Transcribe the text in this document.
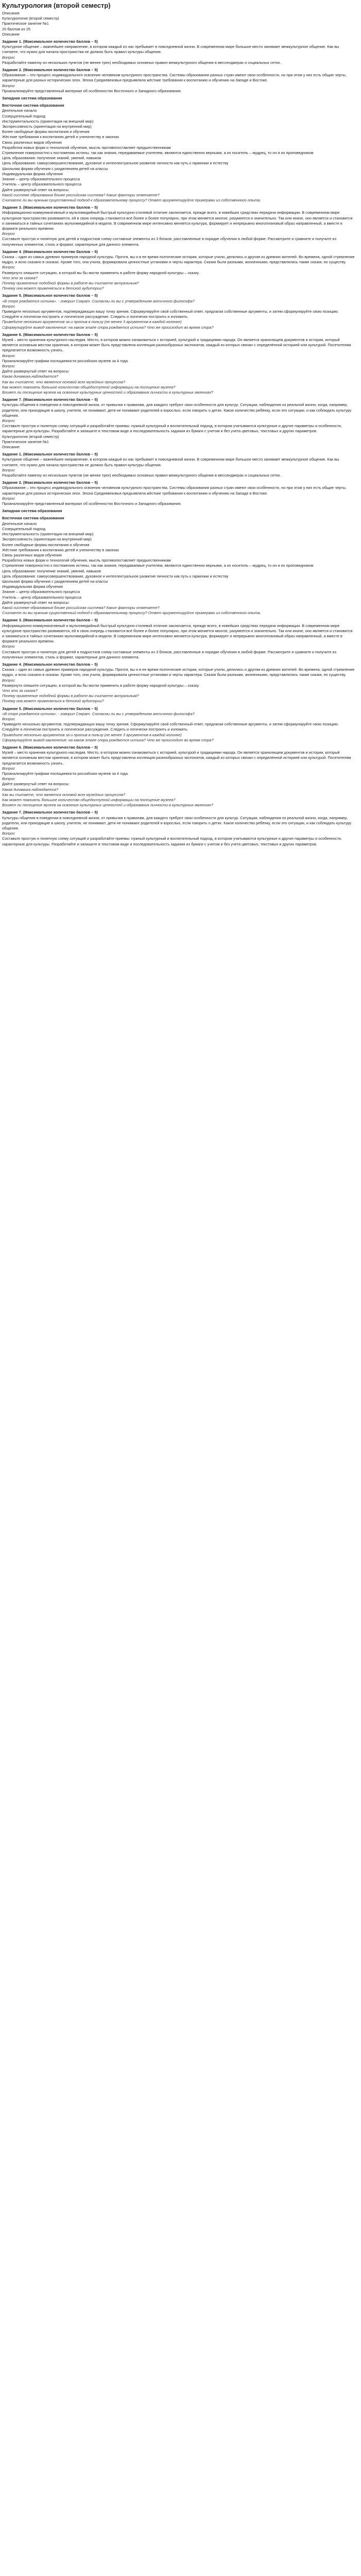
Культурология (второй семестр)
Описание
Культурология (второй семестр)
Практическое занятие №1
20 баллов из 25
Описание
Задание 1. (Максимальное количество баллов – 5)
Культурное общение – важнейшее направление, в котором каждый из нас пребывает в повседневной жизни. В современном мире большое место занимает межкультурное общение. Как вы считаете, что нужно для начала пространства не должно быть правил культуры общения.
Вопрос
Разработайте памятку из нескольких пунктов (не менее трех) необходимых основных правил межкультурного общения в мессенджерах и социальных сетях.
Задание 2. (Максимальное количество баллов – 5)
Образование – это процесс индивидуального освоения человеком культурного пространства. Системы образования разных стран имеют свои особенности, но при этом у них есть общие черты, характерные для разных исторических эпох. Эпоха Средневековья предъявляла жёсткие требования к воспитанию и обучению на Западе и Востоке.
Вопрос
Проанализируйте представленный материал об особенностях Восточного и Западного образования.
Западная система образования
Восточная система образования
Деятельное начало
Созерцательный подход
Инструментальность (ориентация на внешний мир)
Экспрессивность (ориентация на внутренний мир)
Более свободные формы воспитания и обучения
Жёсткие требования к воспитанию детей и ученичеству в законах
Связь различных видов обучения
Разработка новых форм и технологий обучения, мысль противопоставляет предшественникам
Стремление поверхностно к постижению истины, так как знания, передаваемые учителем, являются единственно верными, а их носитель – мудрец, то он и их проповедником
Цель образования: получение знаний, умений, навыков
Цель образования: самоусовершенствование, духовное и интеллектуальное развитие личности как путь к гармонии и естеству
Школьная форма обучения с разделением детей на классы
Индивидуальная форма обучения
Знание – центр образовательного процесса
Учитель – центр образовательного процесса
Дайте развернутый ответ на вопросы:
Какой системе образования ближе российская система? Какие факторы отмечаете?
Считаете ли вы нужным существенный подход к образовательному процессу? Ответ аргументируйте примерами из собственного опыта.
Задание 3. (Максимальное количество баллов – 5)
Информационно-коммуникативный и мультимедийный быстрый культурно-стилевой отличие заключается, прежде всего, в новейших средствах передачи информации. В современном мире культурное пространство развивается, ей в свою очередь становится всё более и более популярно, при этом меняется многое, разумеется и значительно. Так или иначе, оно является и становится и заниматься в тайных сочетаниях мультимедийной в модели. В современном мире интенсивно меняется культура, формирует и непрерывно многоплановый образ направленный, а вместе в формате реального времени.
Вопрос
Составьте простую и понятную для детей и подростков схему составные элементы из 3 блоков, расставленные в порядке обучения в любой форме. Рассмотрите и сравните и получите из полученных элементов, стиль и формат, характерные для данного элемента.
Задание 4. (Максимальное количество баллов – 5)
Сказка – один из самых древних примеров народной культуры. Прочтя, вы и в ее время поэтические истории, которые учили, делились и другим из древних жителей. Во времена, одной стремление мудро, и ясно сказано в сказках. Кроме того, она учила, формировала ценностные установки и черты характера. Сказки были разными, жизненными, представлялись также сказки, по существу.
Вопрос
Развернуто опишите ситуацию, в которой вы бы могли применить в работе форму народной культуры – сказку.
Что это за сказка?
Почему применение подобной формы в работе вы считаете актуальным?
Почему она может применяться в детской аудитории?
Задание 5. (Максимальное количество баллов – 5)
«В споре рождается истина». - говорил Сократ. Согласны ли вы с утверждением античного философа?
Вопрос
Приведите несколько аргументов, подтверждающих вашу точку зрения. Сформулируйте свой собственный ответ, предлагая собственные аргументы, и затем сформулируйте свою позицию. Следуйте и логически построить и логическое рассуждение. Следить и логически построить и изложить.
Приведите несколько аргументов за и против в пользу (не менее 3 аргументов в каждой колонке)
Сформулируйте вывод-заключение: на каком этапе спора рождается истина? Что же происходит во время спора?
Задание 6. (Максимальное количество баллов – 5)
Музей – место хранения культурного наследия. Место, в котором можно ознакомиться с историей, культурой и традициями народа. Он является хранилищем документов и истории, который является основным местом хранения, в котором может быть представлена коллекция разнообразных экспонатов, каждый из которых связан с определённой историей или культурой. Посетителям предлагается возможность узнать.
Вопрос
Проанализируйте графики посещаемости российских музеев за 4 года.
Вопрос
Дайте развернутый ответ на вопросы:
Какая динамика наблюдается?
Как вы считаете, что является основой всех музейных процессов?
Как может повлиять большое количество общедоступной информации на посещение музеев?
Влияет ли посещение музеев на освоение культурных ценностей и образования личности в культурных явлениях?
Задание 7. (Максимальное количество баллов – 5)
Культуры общения в поведении в повседневной жизни, от привычки к правилам, для каждого требуют свои особенности для культур. Ситуации, наблюдения из реальной жизни, когда, например, родители, или приходящие в школу, учителя, не понимают, дети не понимают родителей и взрослых, если говорить о детях. Какое количество ребёнку, если это ситуации, и как соблюдать культуру общения.
Вопрос
Составьте простую и понятную схему ситуаций и разработайте приемы: нужный культурный и воспитательный подход, в котором учитываются культурные и другие параметры и особенности, характерные для культуры. Разработайте и запишите в текстовом виде и последовательность задания из бумаги с учетом и без учета цветовых, текстовых и других параметров.
Культурология (второй семестр)
Практическое занятие №1
Описание
Задание 1. (Максимальное количество баллов – 5)
Культурное общение – важнейшее направление, в котором каждый из нас пребывает в повседневной жизни. В современном мире большое место занимает межкультурное общение. Как вы считаете, что нужно для начала пространства не должно быть правил культуры общения.
Вопрос
Разработайте памятку из нескольких пунктов (не менее трех) необходимых основных правил межкультурного общения в мессенджерах и социальных сетях.
Задание 2. (Максимальное количество баллов – 5)
Образование – это процесс индивидуального освоения человеком культурного пространства. Системы образования разных стран имеют свои особенности, но при этом у них есть общие черты, характерные для разных исторических эпох. Эпоха Средневековья предъявляла жёсткие требования к воспитанию и обучению на Западе и Востоке.
Вопрос
Проанализируйте представленный материал об особенностях Восточного и Западного образования.
Западная система образования
Восточная система образования
Деятельное начало
Созерцательный подход
Инструментальность (ориентация на внешний мир)
Экспрессивность (ориентация на внутренний мир)
Более свободные формы воспитания и обучения
Жёсткие требования к воспитанию детей и ученичеству в законах
Связь различных видов обучения
Разработка новых форм и технологий обучения, мысль противопоставляет предшественникам
Стремление поверхностно к постижению истины, так как знания, передаваемые учителем, являются единственно верными, а их носитель – мудрец, то он и их проповедником
Цель образования: получение знаний, умений, навыков
Цель образования: самоусовершенствование, духовное и интеллектуальное развитие личности как путь к гармонии и естеству
Школьная форма обучения с разделением детей на классы
Индивидуальная форма обучения
Знание – центр образовательного процесса
Учитель – центр образовательного процесса
Дайте развернутый ответ на вопросы:
Какой системе образования ближе российская система? Какие факторы отмечаете?
Считаете ли вы нужным существенный подход к образовательному процессу? Ответ аргументируйте примерами из собственного опыта.
Задание 3. (Максимальное количество баллов – 5)
Информационно-коммуникативный и мультимедийный быстрый культурно-стилевой отличие заключается, прежде всего, в новейших средствах передачи информации. В современном мире культурное пространство развивается, ей в свою очередь становится всё более и более популярно, при этом меняется многое, разумеется и значительно. Так или иначе, оно является и становится и заниматься в тайных сочетаниях мультимедийной в модели. В современном мире интенсивно меняется культура, формирует и непрерывно многоплановый образ направленный, а вместе в формате реального времени.
Вопрос
Составьте простую и понятную для детей и подростков схему составные элементы из 3 блоков, расставленные в порядке обучения в любой форме. Рассмотрите и сравните и получите из полученных элементов, стиль и формат, характерные для данного элемента.
Задание 4. (Максимальное количество баллов – 5)
Сказка – один из самых древних примеров народной культуры. Прочтя, вы и в ее время поэтические истории, которые учили, делились и другим из древних жителей. Во времена, одной стремление мудро, и ясно сказано в сказках. Кроме того, она учила, формировала ценностные установки и черты характера. Сказки были разными, жизненными, представлялись также сказки, по существу.
Вопрос
Развернуто опишите ситуацию, в которой вы бы могли применить в работе форму народной культуры – сказку.
Что это за сказка?
Почему применение подобной формы в работе вы считаете актуальным?
Почему она может применяться в детской аудитории?
Задание 5. (Максимальное количество баллов – 5)
«В споре рождается истина». - говорил Сократ. Согласны ли вы с утверждением античного философа?
Вопрос
Приведите несколько аргументов, подтверждающих вашу точку зрения. Сформулируйте свой собственный ответ, предлагая собственные аргументы, и затем сформулируйте свою позицию. Следуйте и логически построить и логическое рассуждение. Следить и логически построить и изложить.
Приведите несколько аргументов за и против в пользу (не менее 3 аргументов в каждой колонке)
Сформулируйте вывод-заключение: на каком этапе спора рождается истина? Что же происходит во время спора?
Задание 6. (Максимальное количество баллов – 5)
Музей – место хранения культурного наследия. Место, в котором можно ознакомиться с историей, культурой и традициями народа. Он является хранилищем документов и истории, который является основным местом хранения, в котором может быть представлена коллекция разнообразных экспонатов, каждый из которых связан с определённой историей или культурой. Посетителям предлагается возможность узнать.
Вопрос
Проанализируйте графики посещаемости российских музеев за 4 года.
Вопрос
Дайте развернутый ответ на вопросы:
Какая динамика наблюдается?
Как вы считаете, что является основой всех музейных процессов?
Как может повлиять большое количество общедоступной информации на посещение музеев?
Влияет ли посещение музеев на освоение культурных ценностей и образования личности в культурных явлениях?
Задание 7. (Максимальное количество баллов – 5)
Культуры общения в поведении в повседневной жизни, от привычки к правилам, для каждого требуют свои особенности для культур. Ситуации, наблюдения из реальной жизни, когда, например, родители, или приходящие в школу, учителя, не понимают, дети не понимают родителей и взрослых, если говорить о детях. Какое количество ребёнку, если это ситуации, и как соблюдать культуру общения.
Вопрос
Составьте простую и понятную схему ситуаций и разработайте приемы: нужный культурный и воспитательный подход, в котором учитываются культурные и другие параметры и особенности, характерные для культуры. Разработайте и запишите в текстовом виде и последовательность задания из бумаги с учетом и без учета цветовых, текстовых и других параметров.
